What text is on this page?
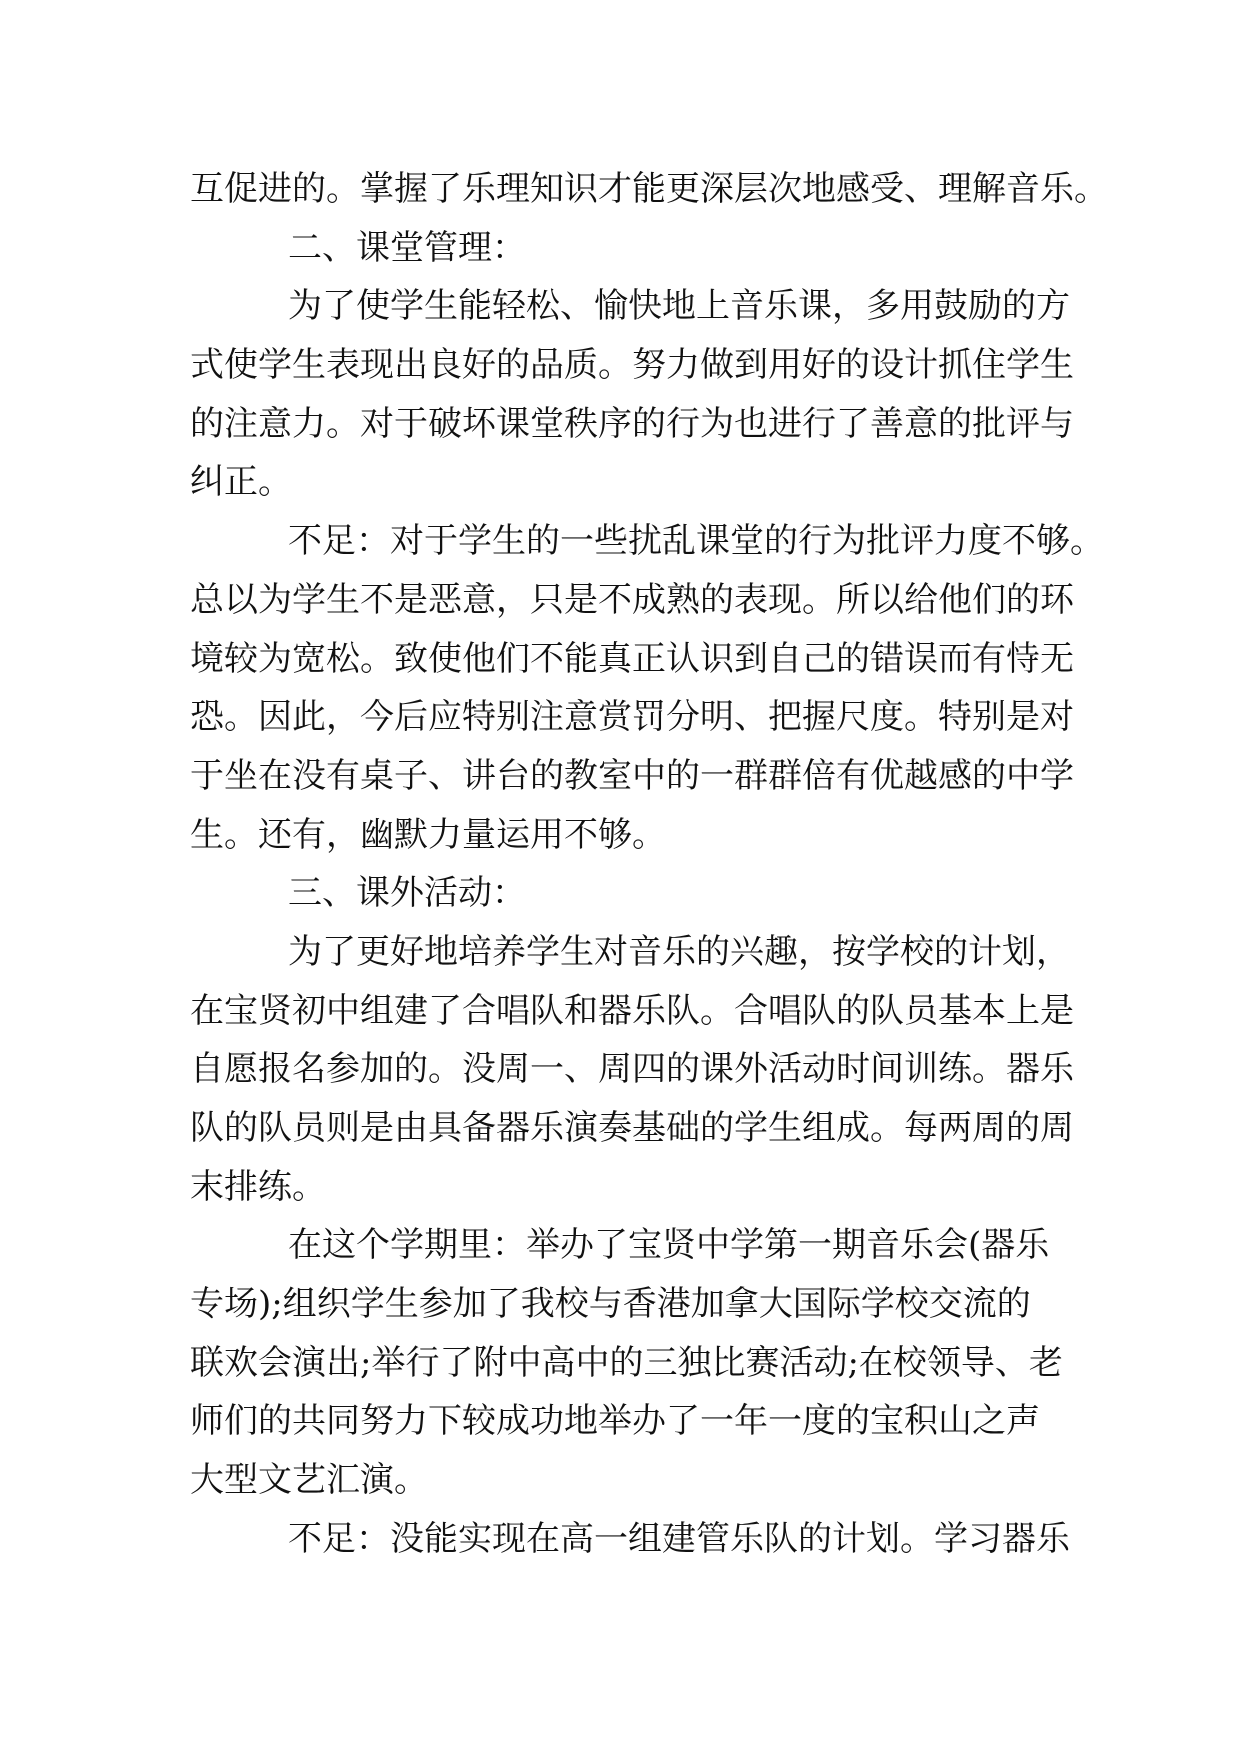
互促进的。掌握了乐理知识才能更深层次地感受、理解音乐。
二、课堂管理：
为了使学生能轻松、愉快地上音乐课，多用鼓励的方
式使学生表现出良好的品质。努力做到用好的设计抓住学生
的注意力。对于破坏课堂秩序的行为也进行了善意的批评与
纠正。
不足：对于学生的一些扰乱课堂的行为批评力度不够。
总以为学生不是恶意，只是不成熟的表现。所以给他们的环
境较为宽松。致使他们不能真正认识到自己的错误而有恃无
恐。因此，今后应特别注意赏罚分明、把握尺度。特别是对
于坐在没有桌子、讲台的教室中的一群群倍有优越感的中学
生。还有，幽默力量运用不够。
三、课外活动：
为了更好地培养学生对音乐的兴趣，按学校的计划，
在宝贤初中组建了合唱队和器乐队。合唱队的队员基本上是
自愿报名参加的。没周一、周四的课外活动时间训练。器乐
队的队员则是由具备器乐演奏基础的学生组成。每两周的周
末排练。
在这个学期里：举办了宝贤中学第一期音乐会(器乐
专场);组织学生参加了我校与香港加拿大国际学校交流的
联欢会演出;举行了附中高中的三独比赛活动;在校领导、老
师们的共同努力下较成功地举办了一年一度的宝积山之声
大型文艺汇演。
不足：没能实现在高一组建管乐队的计划。学习器乐
